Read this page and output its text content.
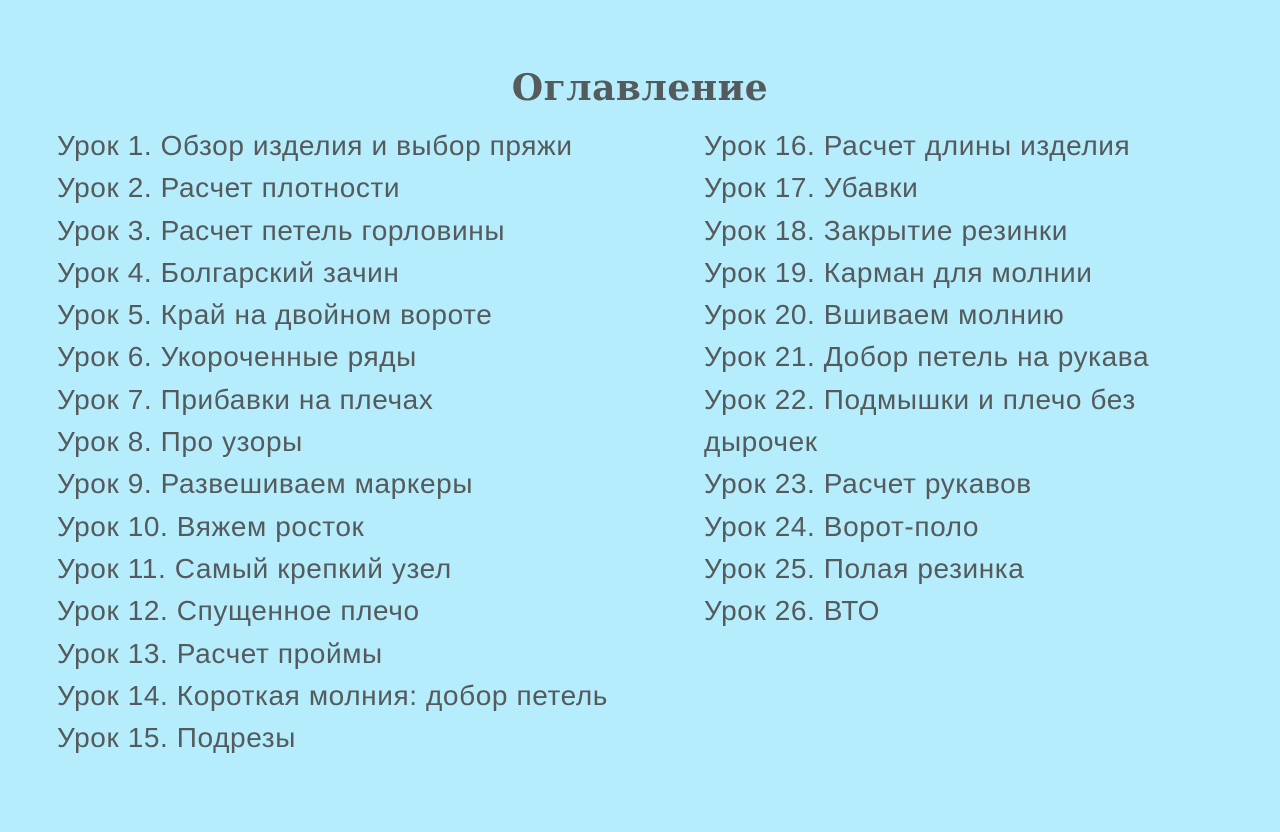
Оглавление
Урок 1. Обзор изделия и выбор пряжи
Урок 2. Расчет плотности
Урок 3. Расчет петель горловины
Урок 4. Болгарский зачин
Урок 5. Край на двойном вороте
Урок 6. Укороченные ряды
Урок 7. Прибавки на плечах
Урок 8. Про узоры
Урок 9. Развешиваем маркеры
Урок 10. Вяжем росток
Урок 11. Самый крепкий узел
Урок 12. Спущенное плечо
Урок 13. Расчет проймы
Урок 14. Короткая молния: добор петель
Урок 15. Подрезы
Урок 16. Расчет длины изделия
Урок 17. Убавки
Урок 18. Закрытие резинки
Урок 19. Карман для молнии
Урок 20. Вшиваем молнию
Урок 21. Добор петель на рукава
Урок 22. Подмышки и плечо без дырочек
Урок 23. Расчет рукавов
Урок 24. Ворот-поло
Урок 25. Полая резинка
Урок 26. ВТО
